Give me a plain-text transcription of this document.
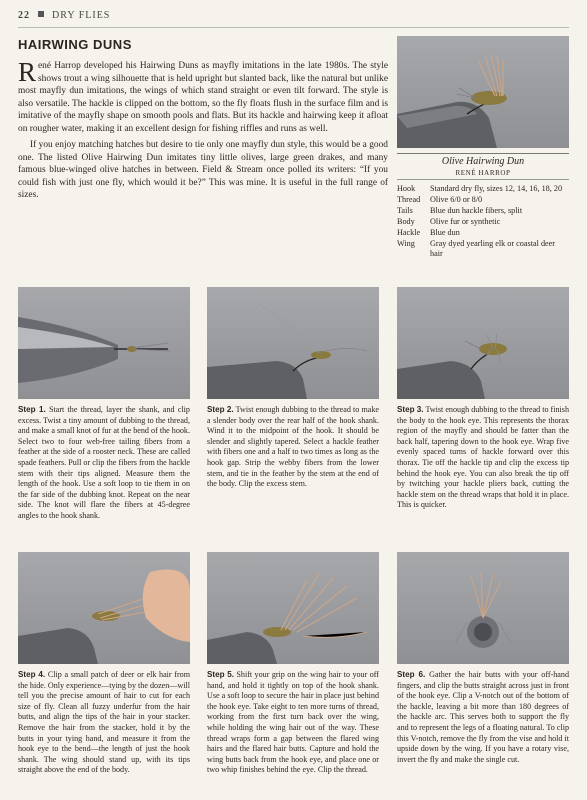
22 DRY FLIES
HAIRWING DUNS

René Harrop developed his Hairwing Duns as mayfly imitations in the late 1980s. The style shows trout a wing silhouette that is held upright but slanted back, like the natural but unlike most mayfly dun imitations, the wings of which stand straight or even tilt forward. The style is also versatile. The hackle is clipped on the bottom, so the fly floats flush in the surface film and is imitative of the mayfly shape on smooth pools and flats. But its hackle and hairwing keep it afloat on rougher water, making it an excellent design for fishing riffles and runs as well.

If you enjoy matching hatches but desire to tie only one mayfly dun style, this would be a good one. The listed Olive Hairwing Dun imitates tiny little olives, large green drakes, and many famous blue-winged olive hatches in between. Field & Stream once polled its writers: “If you could fish with just one fly, which would it be?” This was mine. It is useful in the full range of sizes.

Olive Hairwing Dun
RENÉ HARROP
Hook	Standard dry fly, sizes 12, 14, 16, 18, 20
Thread	Olive 6/0 or 8/0
Tails	Blue dun hackle fibers, split
Body	Olive fur or synthetic
Hackle	Blue dun
Wing	Gray dyed yearling elk or coastal deer hair
Step 1. Start the thread, layer the shank, and clip excess. Twist a tiny amount of dubbing to the thread, and make a small knot of fur at the bend of the hook. Select two to four web-free tailing fibers from a feather at the side of a rooster neck. These are called spade feathers. Pull or clip the fibers from the hackle stem with their tips aligned. Measure them the length of the hook. Use a soft loop to tie them in on the far side of the dubbing knot. Repeat on the near side. The knot will flare the fibers at 45-degree angles to the hook shank.
Step 2. Twist enough dubbing to the thread to make a slender body over the rear half of the hook shank. Wind it to the midpoint of the hook. It should be slender and slightly tapered. Select a hackle feather with fibers one and a half to two times as long as the hook gap. Strip the webby fibers from the lower stem, and tie in the feather by the stem at the end of the body. Clip the excess stem.
Step 3. Twist enough dubbing to the thread to finish the body to the hook eye. This represents the thorax region of the mayfly and should be fatter than the back half, tapering down to the hook eye. Wrap five evenly spaced turns of hackle forward over this thorax. Tie off the hackle tip and clip the excess tip behind the hook eye. You can also break the tip off by twitching your hackle pliers back, cutting the hackle stem on the thread wraps that hold it in place. This is quicker.
Step 4. Clip a small patch of deer or elk hair from the hide. Only experience—tying by the dozen—will tell you the precise amount of hair to cut for each size of fly. Clean all fuzzy underfur from the hair butts, and align the tips of the hair in your stacker. Remove the hair from the stacker, hold it by the butts in your tying hand, and measure it from the hook eye to the bend—the length of just the hook shank. The wing should stand up, with its tips straight above the end of the body.
Step 5. Shift your grip on the wing hair to your off hand, and hold it tightly on top of the hook shank. Use a soft loop to secure the hair in place just behind the hook eye. Take eight to ten more turns of thread, working from the first turn back over the wing, while holding the wing hair out of the way. These thread wraps form a gap between the flared wing hairs and the flared hair butts. Capture and hold the wing butts back from the hook eye, and place one or two whip finishes behind the eye. Clip the thread.
Step 6. Gather the hair butts with your off-hand fingers, and clip the butts straight across just in front of the hook eye. Clip a V-notch out of the bottom of the hackle, leaving a bit more than 180 degrees of the hackle arc. This serves both to support the fly and to represent the legs of a floating natural. To clip this V-notch, remove the fly from the vise and hold it upside down by the wing. If you have a rotary vise, invert the fly and make the single cut.
